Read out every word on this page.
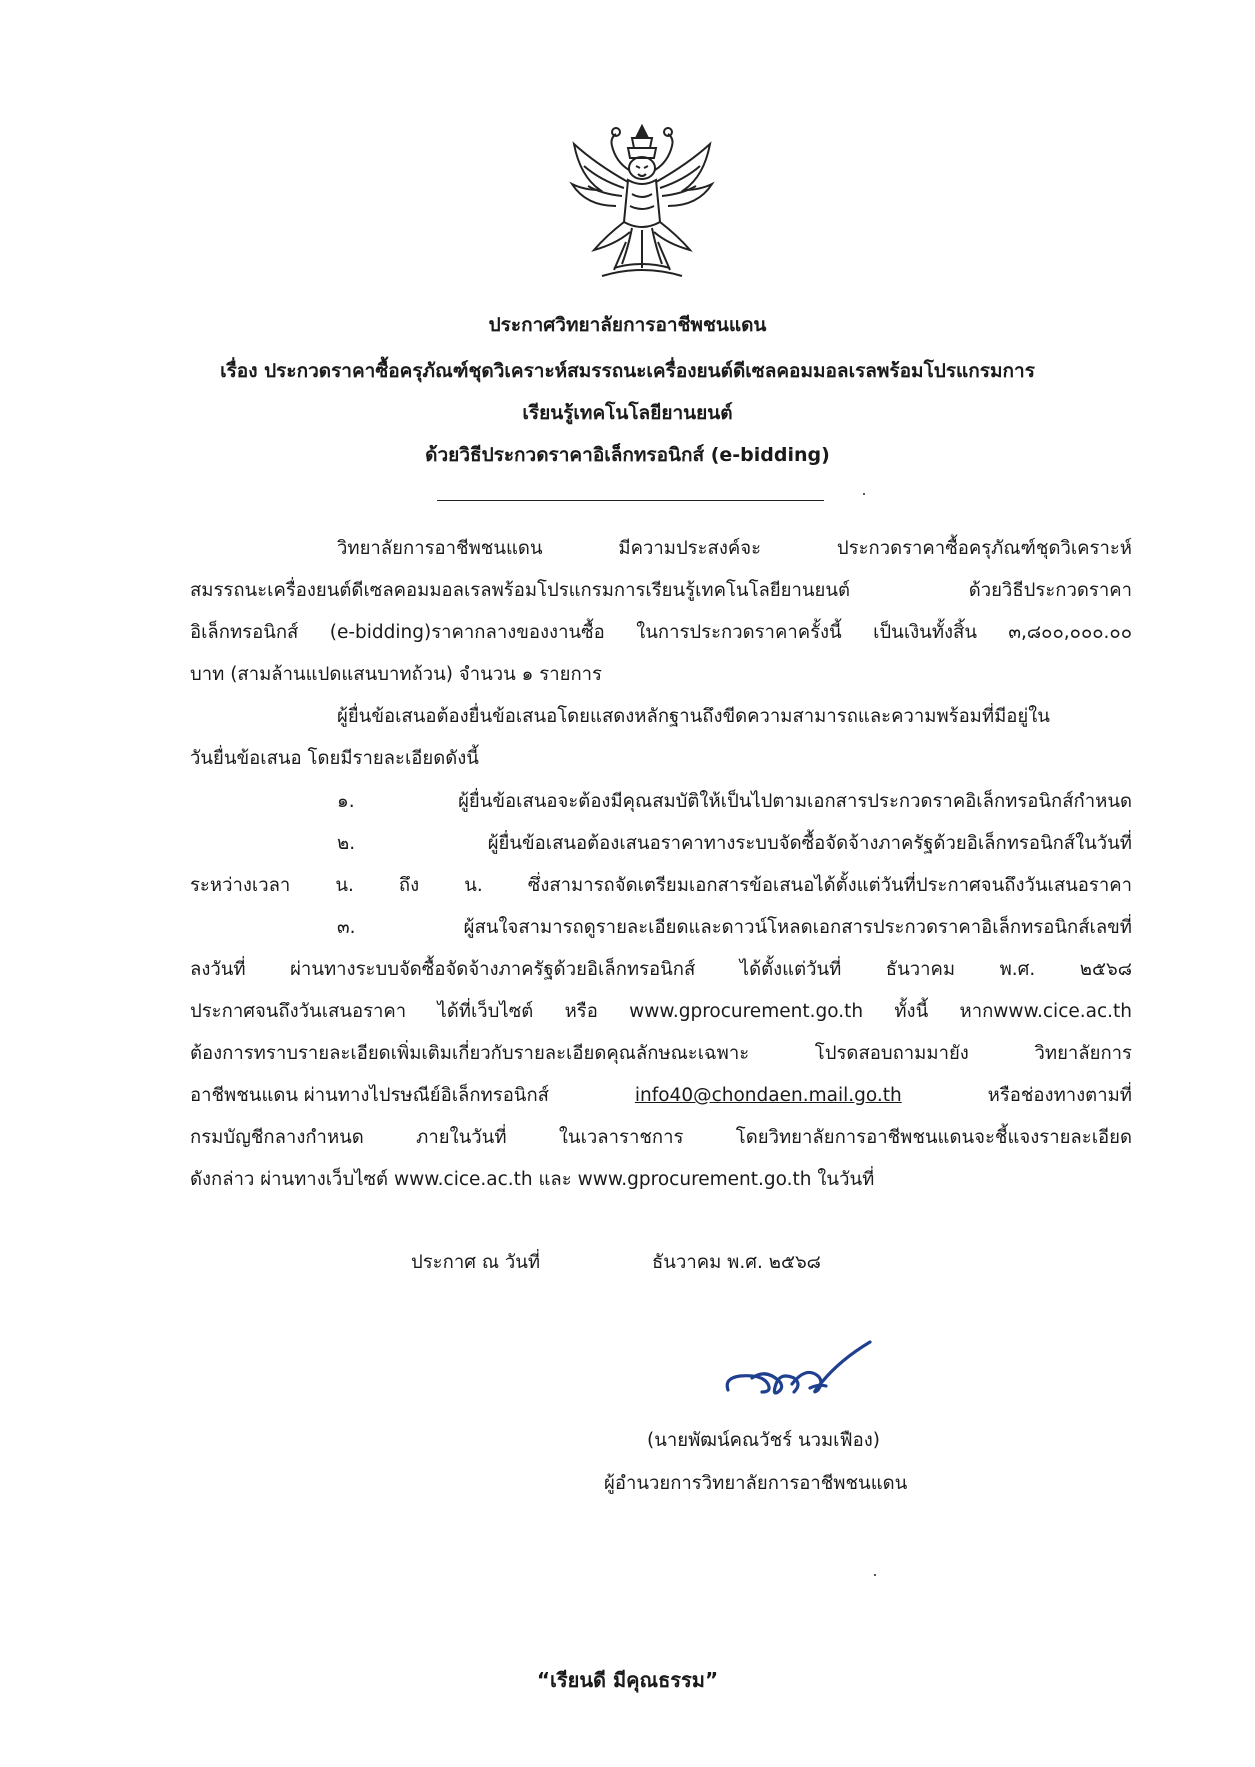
ประกาศวิทยาลัยการอาชีพชนแดน
เรื่อง ประกวดราคาซื้อครุภัณฑ์ชุดวิเคราะห์สมรรถนะเครื่องยนต์ดีเซลคอมมอลเรลพร้อมโปรแกรมการ
เรียนรู้เทคโนโลยียานยนต์
ด้วยวิธีประกวดราคาอิเล็กทรอนิกส์ (e-bidding)
วิทยาลัยการอาชีพชนแดน มีความประสงค์จะ ประกวดราคาซื้อครุภัณฑ์ชุดวิเคราะห์
สมรรถนะเครื่องยนต์ดีเซลคอมมอลเรลพร้อมโปรแกรมการเรียนรู้เทคโนโลยียานยนต์ ด้วยวิธีประกวดราคา
อิเล็กทรอนิกส์ (e-bidding)ราคากลางของงานซื้อ ในการประกวดราคาครั้งนี้ เป็นเงินทั้งสิ้น ๓,๘๐๐,๐๐๐.๐๐
บาท (สามล้านแปดแสนบาทถ้วน) จำนวน ๑ รายการ
ผู้ยื่นข้อเสนอต้องยื่นข้อเสนอโดยแสดงหลักฐานถึงขีดความสามารถและความพร้อมที่มีอยู่ใน
วันยื่นข้อเสนอ โดยมีรายละเอียดดังนี้
๑. ผู้ยื่นข้อเสนอจะต้องมีคุณสมบัติให้เป็นไปตามเอกสารประกวดราคอิเล็กทรอนิกส์กำหนด
๒. ผู้ยื่นข้อเสนอต้องเสนอราคาทางระบบจัดซื้อจัดจ้างภาครัฐด้วยอิเล็กทรอนิกส์ในวันที่
ระหว่างเวลา น. ถึง น. ซึ่งสามารถจัดเตรียมเอกสารข้อเสนอได้ตั้งแต่วันที่ประกาศจนถึงวันเสนอราคา
๓. ผู้สนใจสามารถดูรายละเอียดและดาวน์โหลดเอกสารประกวดราคาอิเล็กทรอนิกส์เลขที่
ลงวันที่ ผ่านทางระบบจัดซื้อจัดจ้างภาครัฐด้วยอิเล็กทรอนิกส์ ได้ตั้งแต่วันที่ ธันวาคม พ.ศ. ๒๕๖๘
ประกาศจนถึงวันเสนอราคา ได้ที่เว็บไซต์ หรือ www.gprocurement.go.th ทั้งนี้ หากwww.cice.ac.th
ต้องการทราบรายละเอียดเพิ่มเติมเกี่ยวกับรายละเอียดคุณลักษณะเฉพาะ โปรดสอบถามมายัง วิทยาลัยการ
อาชีพชนแดน ผ่านทางไปรษณีย์อิเล็กทรอนิกส์	info40@chondaen.mail.go.th	หรือช่องทางตามที่
กรมบัญชีกลางกำหนด ภายในวันที่ ในเวลาราชการ โดยวิทยาลัยการอาชีพชนแดนจะชี้แจงรายละเอียด
ดังกล่าว ผ่านทางเว็บไซต์ www.cice.ac.th และ www.gprocurement.go.th ในวันที่
ประกาศ ณ วันที่	ธันวาคม พ.ศ. ๒๕๖๘
(นายพัฒน์คณวัชร์ นวมเฟือง)
ผู้อำนวยการวิทยาลัยการอาชีพชนแดน
“เรียนดี มีคุณธรรม”
